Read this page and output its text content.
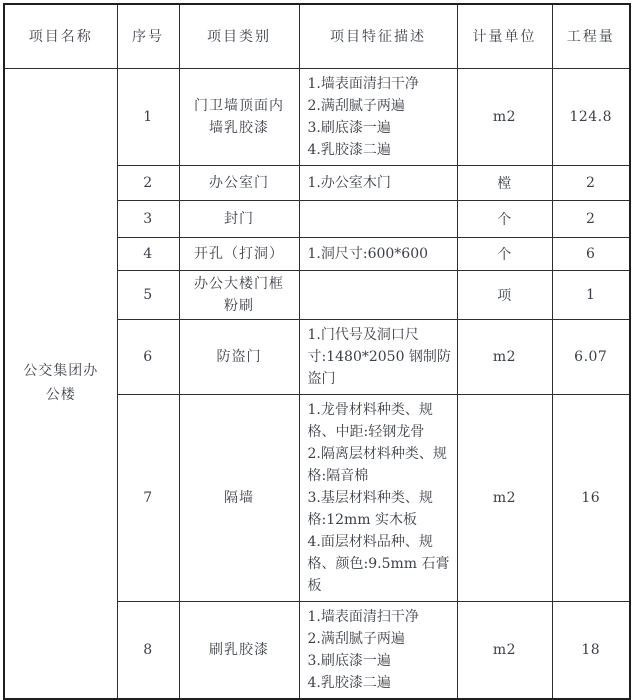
项目名称	序号	项目类别	项目特征描述	计量单位	工程量

公交集团办公楼	1	门卫墙顶面内墙乳胶漆	1.墙表面清扫干净
2.满刮腻子两遍
3.刷底漆一遍
4.乳胶漆二遍	m2	124.8
	2	办公室门	1.办公室木门	樘	2
	3	封门		个	2
	4	开孔（打洞）	1.洞尺寸:600*600	个	6
	5	办公大楼门框粉刷		项	1
	6	防盗门	1.门代号及洞口尺寸:1480*2050 钢制防盗门	m2	6.07
	7	隔墙	1.龙骨材料种类、规格、中距:轻钢龙骨
2.隔离层材料种类、规格:隔音棉
3.基层材料种类、规格:12mm 实木板
4.面层材料品种、规格、颜色:9.5mm 石膏板	m2	16
	8	刷乳胶漆	1.墙表面清扫干净
2.满刮腻子两遍
3.刷底漆一遍
4.乳胶漆二遍	m2	18
